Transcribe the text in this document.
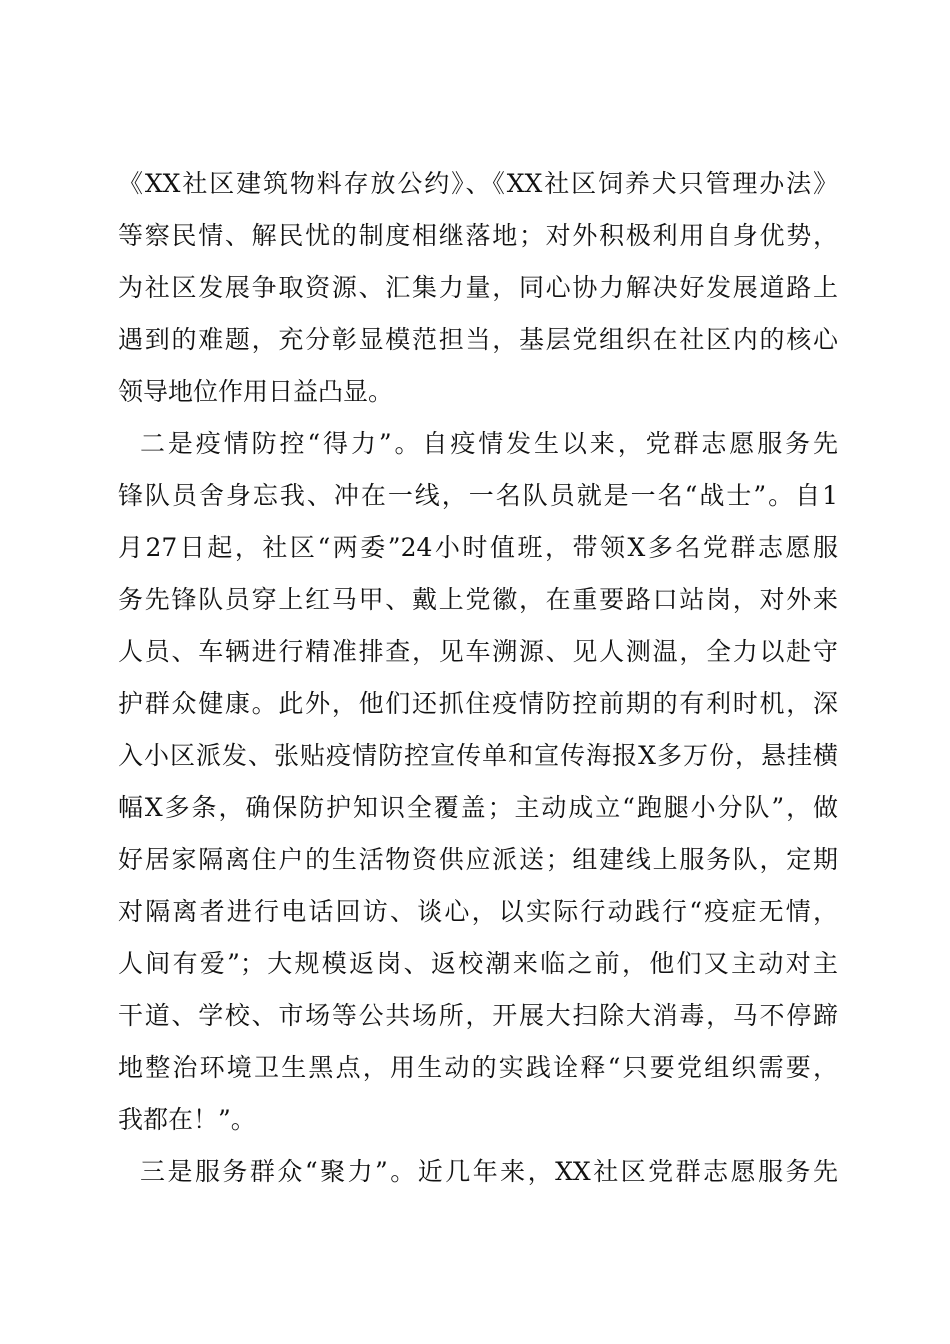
《XX社区建筑物料存放公约》、《XX社区饲养犬只管理办法》
等察民情、解民忧的制度相继落地；对外积极利用自身优势，
为社区发展争取资源、汇集力量，同心协力解决好发展道路上
遇到的难题，充分彰显模范担当，基层党组织在社区内的核心
领导地位作用日益凸显。
二是疫情防控“得力”。自疫情发生以来，党群志愿服务先
锋队员舍身忘我、冲在一线，一名队员就是一名“战士”。自1
月27日起，社区“两委”24小时值班，带领X多名党群志愿服
务先锋队员穿上红马甲、戴上党徽，在重要路口站岗，对外来
人员、车辆进行精准排查，见车溯源、见人测温，全力以赴守
护群众健康。此外，他们还抓住疫情防控前期的有利时机，深
入小区派发、张贴疫情防控宣传单和宣传海报X多万份，悬挂横
幅X多条，确保防护知识全覆盖；主动成立“跑腿小分队”，做
好居家隔离住户的生活物资供应派送；组建线上服务队，定期
对隔离者进行电话回访、谈心，以实际行动践行“疫症无情，
人间有爱”；大规模返岗、返校潮来临之前，他们又主动对主
干道、学校、市场等公共场所，开展大扫除大消毒，马不停蹄
地整治环境卫生黑点，用生动的实践诠释“只要党组织需要，
我都在！”。
三是服务群众“聚力”。近几年来，XX社区党群志愿服务先
